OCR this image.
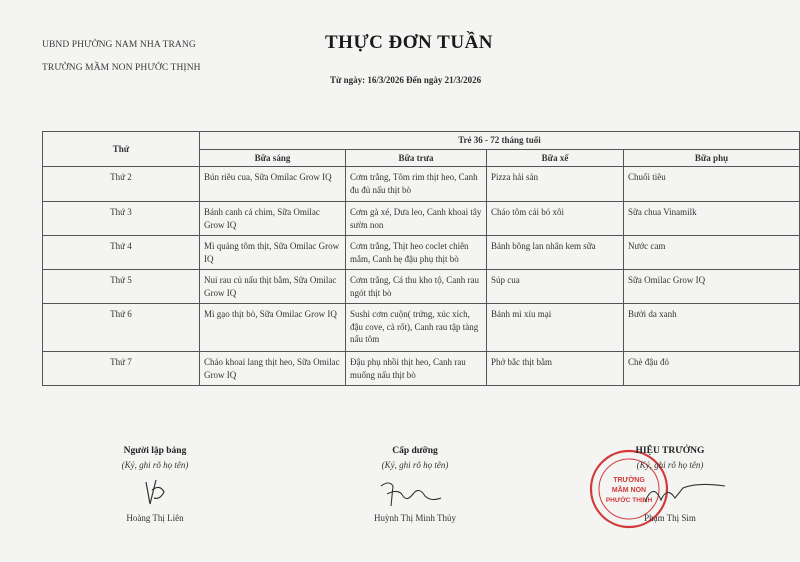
UBND PHƯỜNG NAM NHA TRANG
TRƯỜNG MẦM NON PHƯỚC THỊNH
THỰC ĐƠN TUẦN
Từ ngày: 16/3/2026 Đến ngày 21/3/2026
Thứ	Trẻ 36 - 72 tháng tuổi			
	Bữa sáng	Bữa trưa	Bữa xế	Bữa phụ
Thứ 2	Bún riêu cua, Sữa Omilac Grow IQ	Cơm trắng, Tôm rim thịt heo, Canh đu đủ nấu thịt bò	Pizza hải sản	Chuối tiêu
Thứ 3	Bánh canh cá chim, Sữa Omilac Grow IQ	Cơm gà xé, Dưa leo, Canh khoai tây sườn non	Cháo tôm cải bó xôi	Sữa chua Vinamilk
Thứ 4	Mì quảng tôm thịt, Sữa Omilac Grow IQ	Cơm trắng, Thịt heo coclet chiên mắm, Canh hẹ đậu phụ thịt bò	Bánh bông lan nhân kem sữa	Nước cam
Thứ 5	Nui rau củ nấu thịt bằm, Sữa Omilac Grow IQ	Cơm trắng, Cá thu kho tộ, Canh rau ngót thịt bò	Súp cua	Sữa Omilac Grow IQ
Thứ 6	Mì gạo thịt bò, Sữa Omilac Grow IQ	Sushi cơm cuộn( trứng, xúc xích, đậu cove, cà rốt), Canh rau tập tàng nấu tôm	Bánh mì xíu mại	Bưởi da xanh
Thứ 7	Cháo khoai lang thịt heo, Sữa Omilac Grow IQ	Đậu phụ nhồi thịt heo, Canh rau muống nấu thịt bò	Phở bắc thịt bằm	Chè đậu đỏ
Người lập bảng
(Ký, ghi rõ họ tên)
Hoàng Thị Liên
Cấp dưỡng
(Ký, ghi rõ họ tên)
Huỳnh Thị Minh Thủy
TRƯỜNG
MẦM NON
PHƯỚC THỊNH
HIỆU TRƯỞNG
(Ký, ghi rõ họ tên)
Phạm Thị Sim
